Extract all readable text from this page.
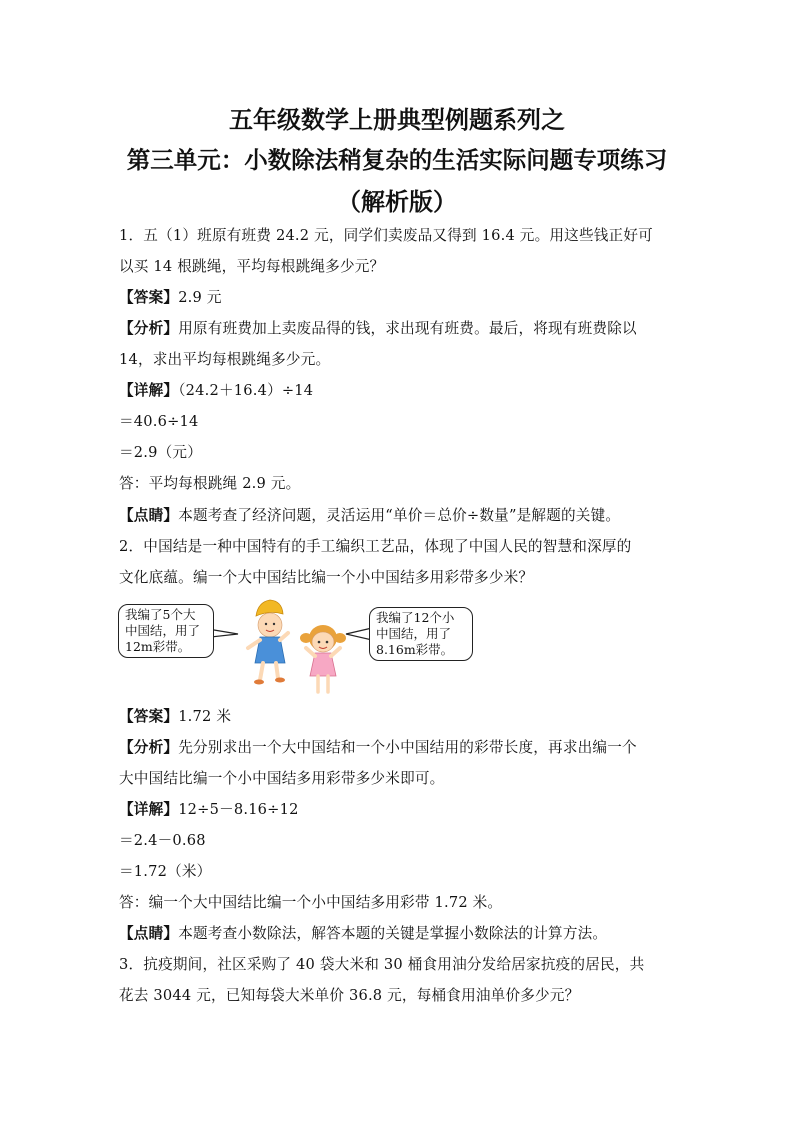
五年级数学上册典型例题系列之
第三单元：小数除法稍复杂的生活实际问题专项练习
（解析版）
1．五（1）班原有班费 24.2 元，同学们卖废品又得到 16.4 元。用这些钱正好可
以买 14 根跳绳，平均每根跳绳多少元？
【答案】2.9 元
【分析】用原有班费加上卖废品得的钱，求出现有班费。最后，将现有班费除以
14，求出平均每根跳绳多少元。
【详解】（24.2＋16.4）÷14
＝40.6÷14
＝2.9（元）
答：平均每根跳绳 2.9 元。
【点睛】本题考查了经济问题，灵活运用“单价＝总价÷数量”是解题的关键。
2．中国结是一种中国特有的手工编织工艺品，体现了中国人民的智慧和深厚的
文化底蕴。编一个大中国结比编一个小中国结多用彩带多少米？
我编了5个大
中国结，用了
12m彩带。
我编了12个小
中国结，用了
8.16m彩带。
【答案】1.72 米
【分析】先分别求出一个大中国结和一个小中国结用的彩带长度，再求出编一个
大中国结比编一个小中国结多用彩带多少米即可。
【详解】12÷5－8.16÷12
＝2.4－0.68
＝1.72（米）
答：编一个大中国结比编一个小中国结多用彩带 1.72 米。
【点睛】本题考查小数除法，解答本题的关键是掌握小数除法的计算方法。
3．抗疫期间，社区采购了 40 袋大米和 30 桶食用油分发给居家抗疫的居民，共
花去 3044 元，已知每袋大米单价 36.8 元，每桶食用油单价多少元？
